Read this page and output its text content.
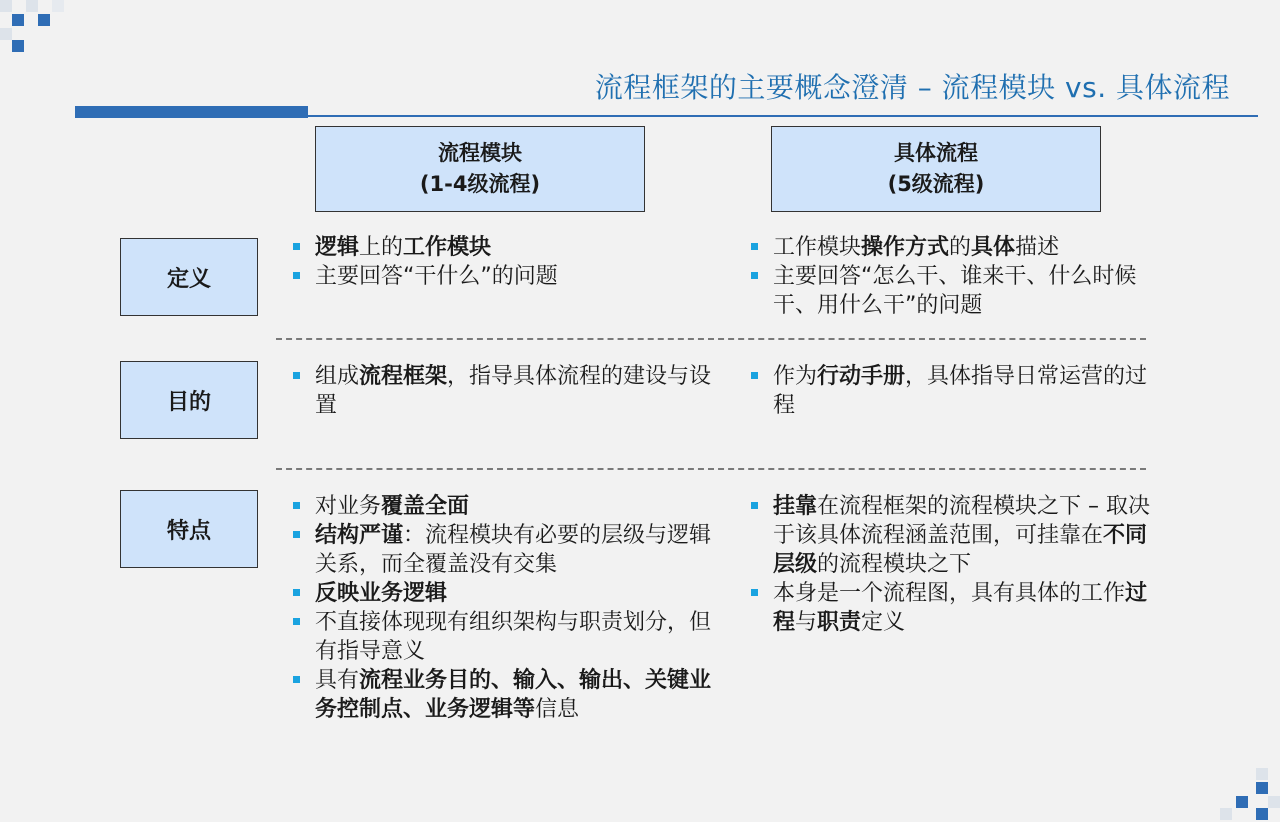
流程框架的主要概念澄清 – 流程模块 vs. 具体流程
流程模块
(1-4级流程)
具体流程
(5级流程)
定义
目的
特点
逻辑上的工作模块
主要回答“干什么”的问题
工作模块操作方式的具体描述
主要回答“怎么干、谁来干、什么时候干、用什么干”的问题
组成流程框架，指导具体流程的建设与设置
作为行动手册，具体指导日常运营的过程
对业务覆盖全面
结构严谨：流程模块有必要的层级与逻辑关系，而全覆盖没有交集
反映业务逻辑
不直接体现现有组织架构与职责划分，但有指导意义
具有流程业务目的、输入、输出、关键业务控制点、业务逻辑等信息
挂靠在流程框架的流程模块之下 – 取决于该具体流程涵盖范围，可挂靠在不同层级的流程模块之下
本身是一个流程图，具有具体的工作过程与职责定义
